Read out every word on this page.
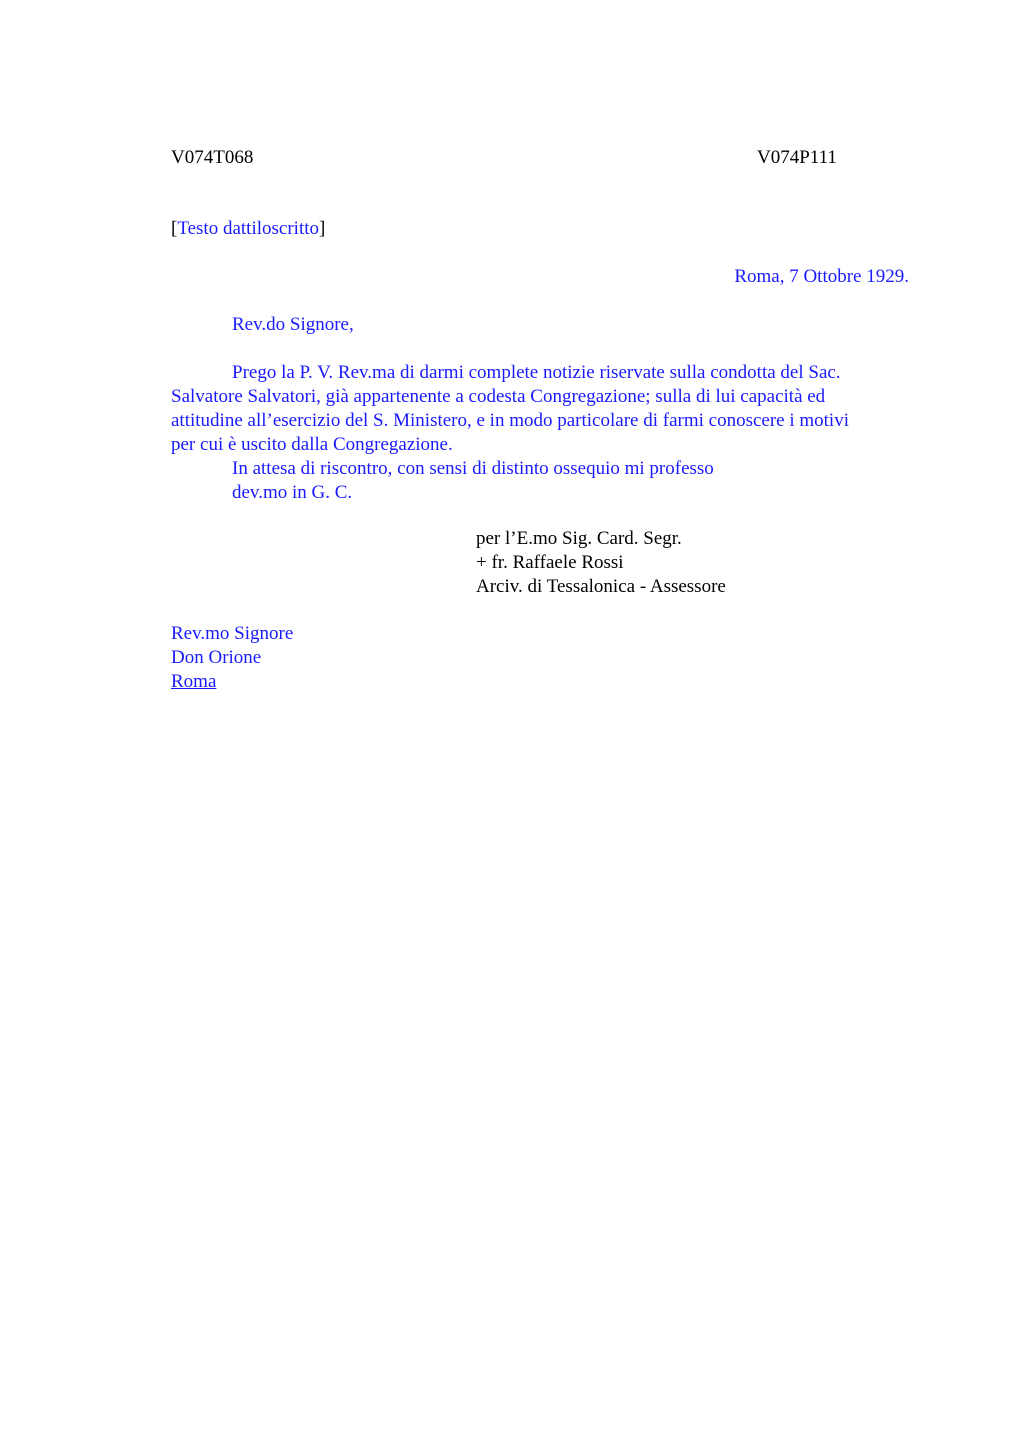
V074T068	V074P111
[Testo dattiloscritto]
Roma, 7 Ottobre 1929.
Rev.do Signore,
Prego la P. V. Rev.ma di darmi complete notizie riservate sulla condotta del Sac.
Salvatore Salvatori, già appartenente a codesta Congregazione; sulla di lui capacità ed
attitudine all’esercizio del S. Ministero, e in modo particolare di farmi conoscere i motivi
per cui è uscito dalla Congregazione.
In attesa di riscontro, con sensi di distinto ossequio mi professo
dev.mo in G. C.
per l’E.mo Sig. Card. Segr.
+ fr. Raffaele Rossi
Arciv. di Tessalonica - Assessore
Rev.mo Signore
Don Orione
Roma
